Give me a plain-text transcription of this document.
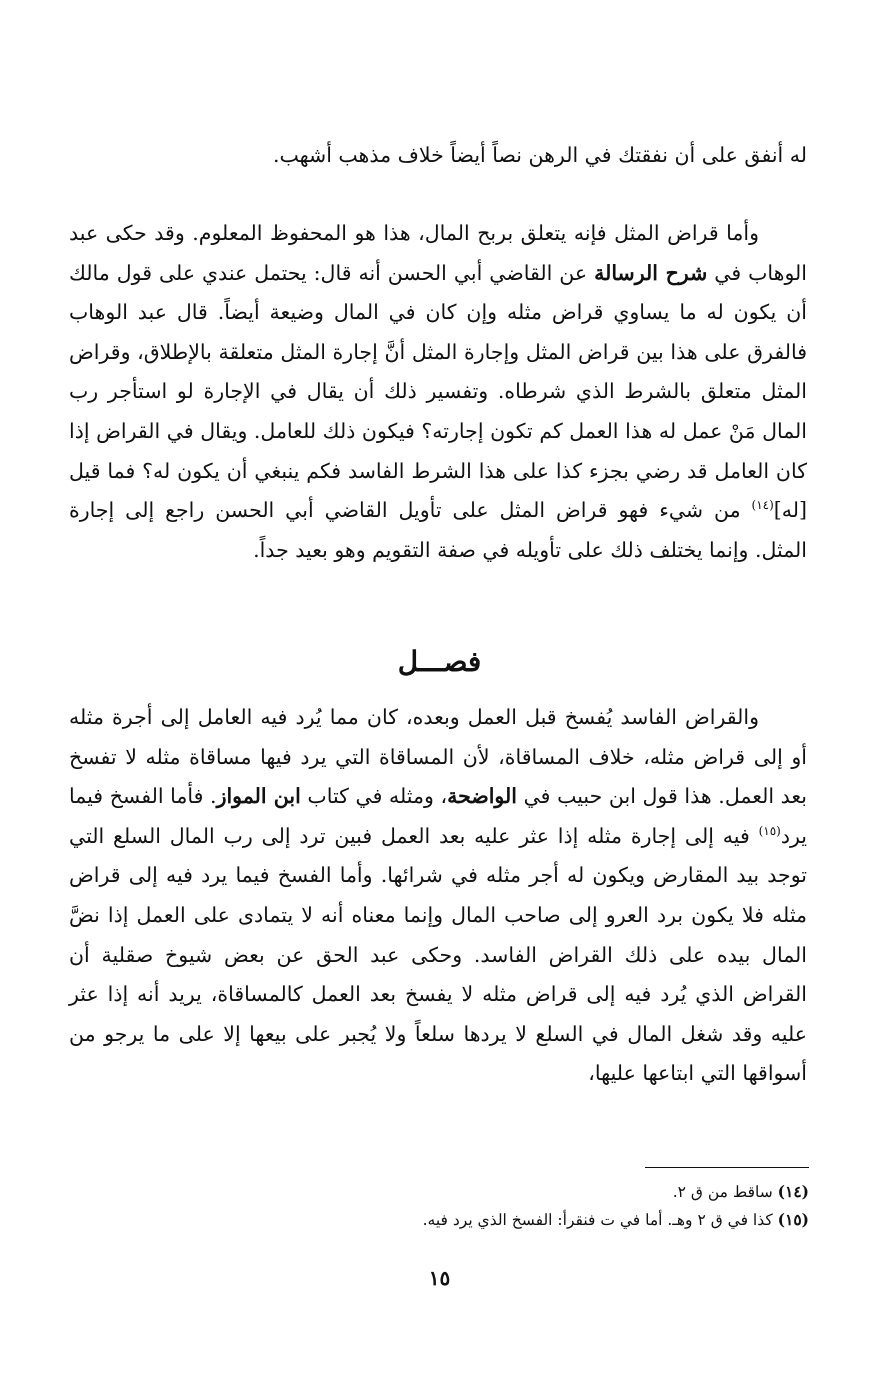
له أنفق على أن نفقتك في الرهن نصاً أيضاً خلاف مذهب أشهب.

وأما قراض المثل فإنه يتعلق بربح المال، هذا هو المحفوظ المعلوم. وقد حكى عبد الوهاب في شرح الرسالة عن القاضي أبي الحسن أنه قال: يحتمل عندي على قول مالك أن يكون له ما يساوي قراض مثله وإن كان في المال وضيعة أيضاً. قال عبد الوهاب فالفرق على هذا بين قراض المثل وإجارة المثل أنَّ إجارة المثل متعلقة بالإطلاق، وقراض المثل متعلق بالشرط الذي شرطاه. وتفسير ذلك أن يقال في الإجارة لو استأجر رب المال مَنْ عمل له هذا العمل كم تكون إجارته؟ فيكون ذلك للعامل. ويقال في القراض إذا كان العامل قد رضي بجزء كذا على هذا الشرط الفاسد فكم ينبغي أن يكون له؟ فما قيل [له]$^{(١٤)}$ من شيء فهو قراض المثل على تأويل القاضي أبي الحسن راجع إلى إجارة المثل. وإنما يختلف ذلك على تأويله في صفة التقويم وهو بعيد جداً.

فصـــل

والقراض الفاسد يُفسخ قبل العمل وبعده، كان مما يُرد فيه العامل إلى أجرة مثله أو إلى قراض مثله، خلاف المساقاة، لأن المساقاة التي يرد فيها مساقاة مثله لا تفسخ بعد العمل. هذا قول ابن حبيب في الواضحة، ومثله في كتاب ابن المواز. فأما الفسخ فيما يرد$^{(١٥)}$ فيه إلى إجارة مثله إذا عثر عليه بعد العمل فبين ترد إلى رب المال السلع التي توجد بيد المقارض ويكون له أجر مثله في شرائها. وأما الفسخ فيما يرد فيه إلى قراض مثله فلا يكون برد العرو إلى صاحب المال وإنما معناه أنه لا يتمادى على العمل إذا نضَّ المال بيده على ذلك القراض الفاسد. وحكى عبد الحق عن بعض شيوخ صقلية أن القراض الذي يُرد فيه إلى قراض مثله لا يفسخ بعد العمل كالمساقاة، يريد أنه إذا عثر عليه وقد شغل المال في السلع لا يردها سلعاً ولا يُجبر على بيعها إلا على ما يرجو من أسواقها التي ابتاعها عليها،

(١٤) ساقط من ق ٢.

(١٥) كذا في ق ٢ وهـ. أما في ت فنقرأ: الفسخ الذي يرد فيه.

١٥
